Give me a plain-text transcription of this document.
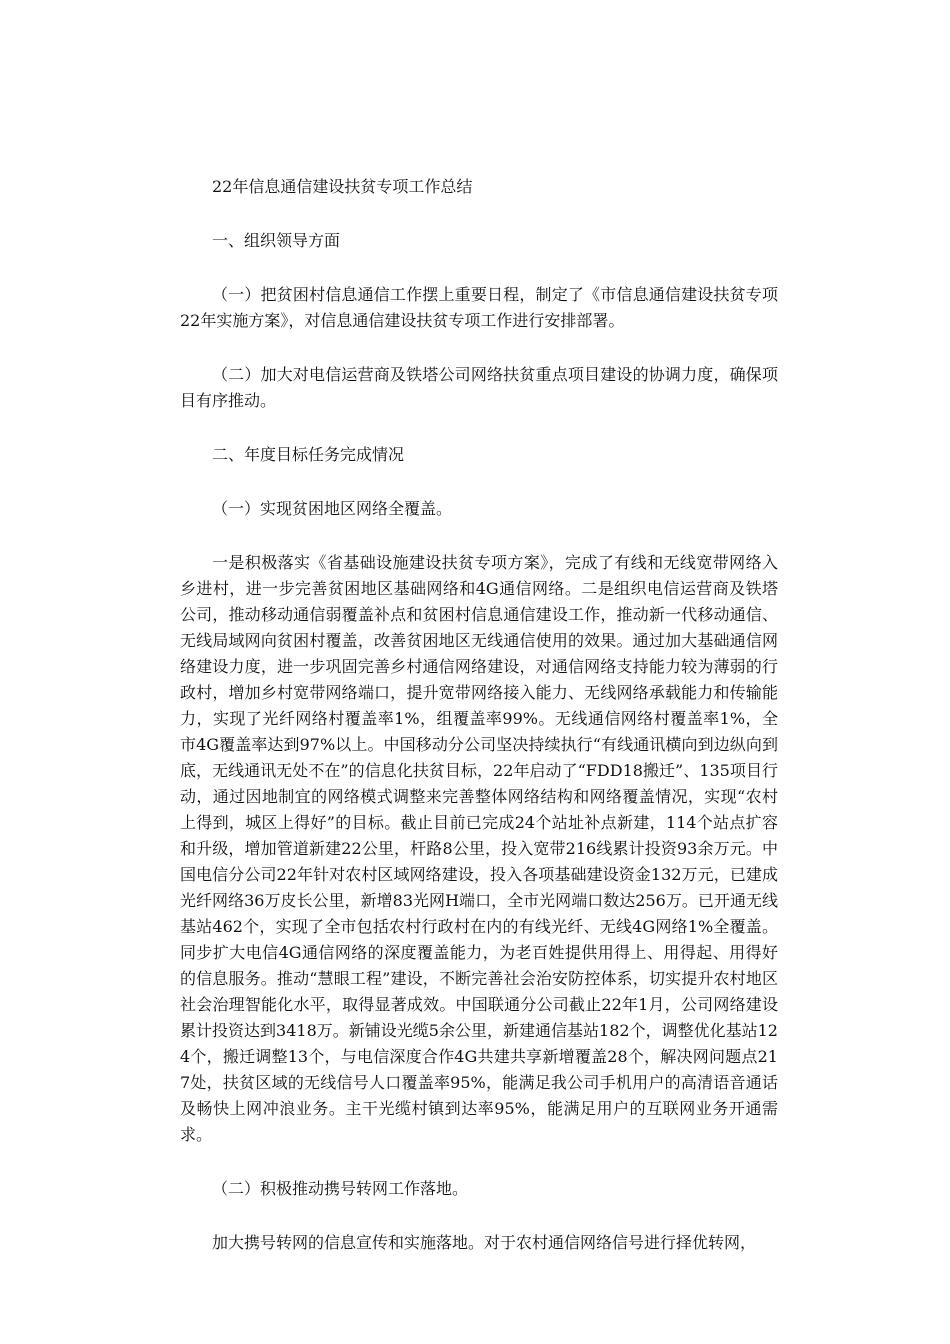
22年信息通信建设扶贫专项工作总结

一、组织领导方面

（一）把贫困村信息通信工作摆上重要日程，制定了《市信息通信建设扶贫专项22年实施方案》，对信息通信建设扶贫专项工作进行安排部署。

（二）加大对电信运营商及铁塔公司网络扶贫重点项目建设的协调力度，确保项目有序推动。

二、年度目标任务完成情况

（一）实现贫困地区网络全覆盖。

一是积极落实《省基础设施建设扶贫专项方案》，完成了有线和无线宽带网络入乡进村，进一步完善贫困地区基础网络和4G通信网络。二是组织电信运营商及铁塔公司，推动移动通信弱覆盖补点和贫困村信息通信建设工作，推动新一代移动通信、无线局域网向贫困村覆盖，改善贫困地区无线通信使用的效果。通过加大基础通信网络建设力度，进一步巩固完善乡村通信网络建设，对通信网络支持能力较为薄弱的行政村，增加乡村宽带网络端口，提升宽带网络接入能力、无线网络承载能力和传输能力，实现了光纤网络村覆盖率1%，组覆盖率99%。无线通信网络村覆盖率1%，全市4G覆盖率达到97%以上。中国移动分公司坚决持续执行“有线通讯横向到边纵向到底，无线通讯无处不在”的信息化扶贫目标，22年启动了“FDD18搬迁”、135项目行动，通过因地制宜的网络模式调整来完善整体网络结构和网络覆盖情况，实现“农村上得到，城区上得好”的目标。截止目前已完成24个站址补点新建，114个站点扩容和升级，增加管道新建22公里，杆路8公里，投入宽带216线累计投资93余万元。中国电信分公司22年针对农村区域网络建设，投入各项基础建设资金132万元，已建成光纤网络36万皮长公里，新增83光网H端口，全市光网端口数达256万。已开通无线基站462个，实现了全市包括农村行政村在内的有线光纤、无线4G网络1%全覆盖。同步扩大电信4G通信网络的深度覆盖能力，为老百姓提供用得上、用得起、用得好的信息服务。推动“慧眼工程”建设，不断完善社会治安防控体系，切实提升农村地区社会治理智能化水平，取得显著成效。中国联通分公司截止22年1月，公司网络建设累计投资达到3418万。新铺设光缆5余公里，新建通信基站182个，调整优化基站124个，搬迁调整13个，与电信深度合作4G共建共享新增覆盖28个，解决网问题点217处，扶贫区域的无线信号人口覆盖率95%，能满足我公司手机用户的高清语音通话及畅快上网冲浪业务。主干光缆村镇到达率95%，能满足用户的互联网业务开通需求。

（二）积极推动携号转网工作落地。

加大携号转网的信息宣传和实施落地。对于农村通信网络信号进行择优转网，
